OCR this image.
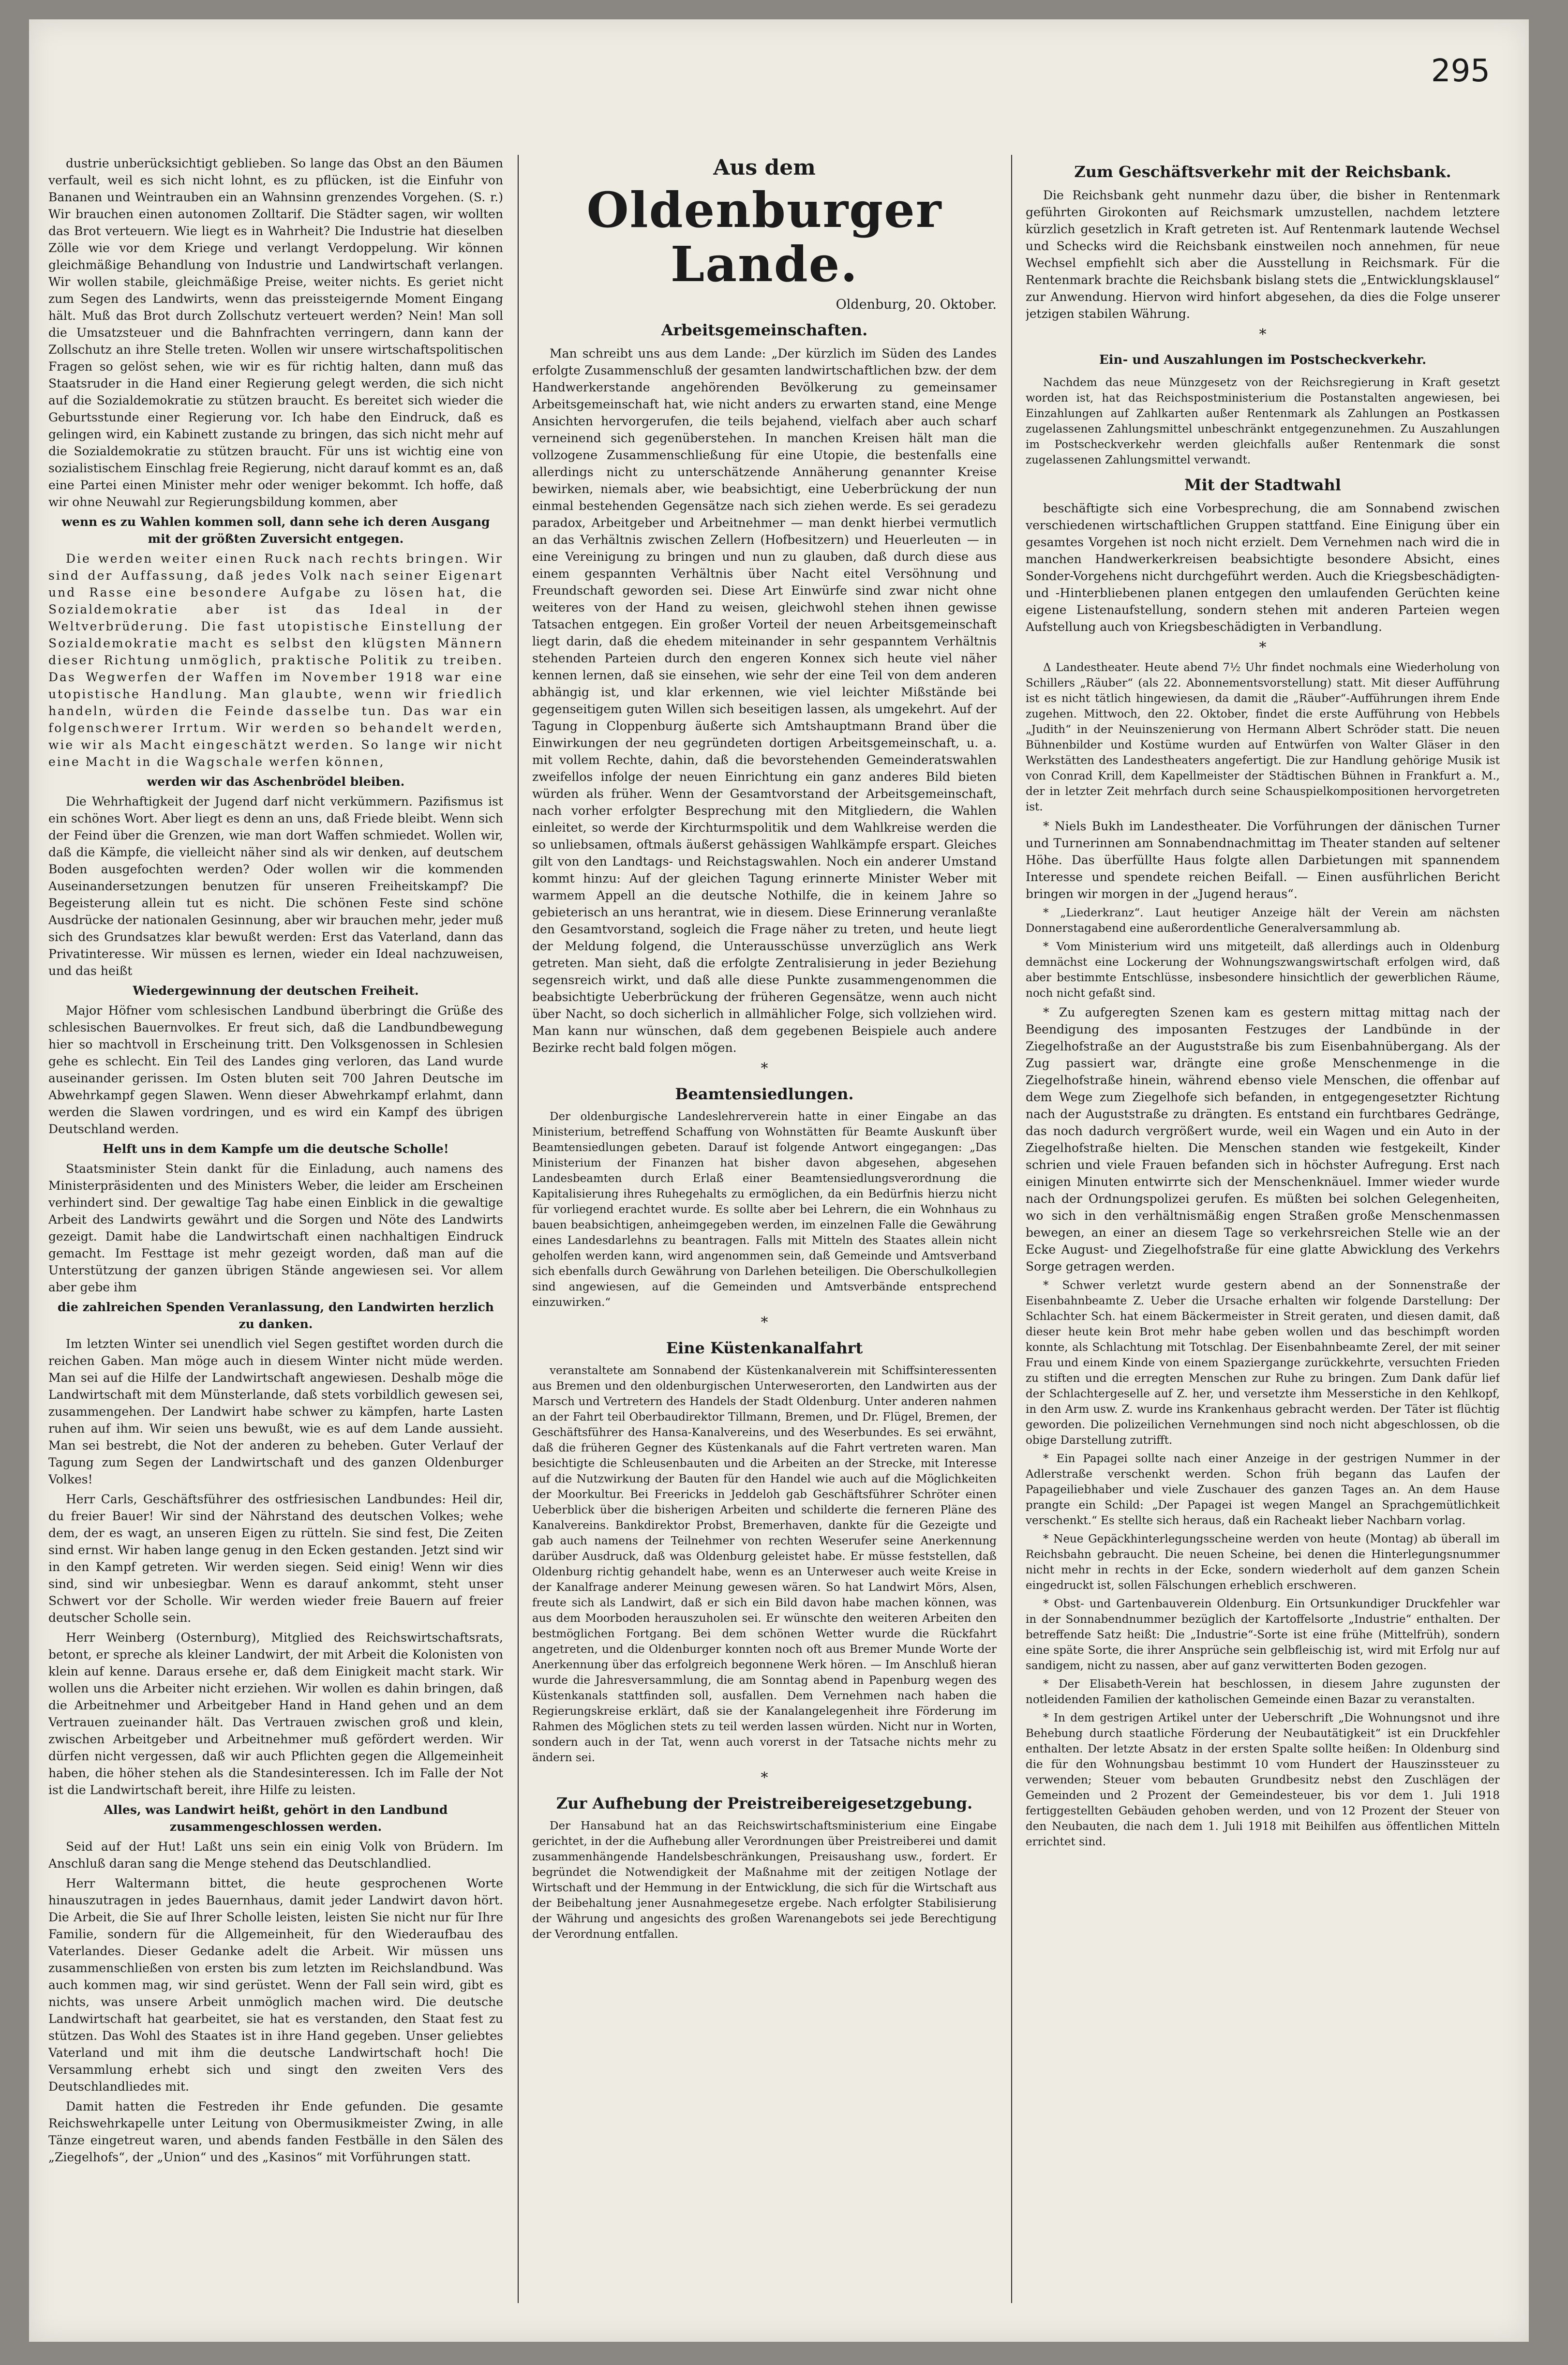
295

dustrie unberücksichtigt geblieben. So lange das Obst an den Bäumen verfault, weil es sich nicht lohnt, es zu pflücken, ist die Einfuhr von Bananen und Weintrauben ein an Wahnsinn grenzendes Vorgehen. (S. r.) Wir brauchen einen autonomen Zolltarif. Die Städter sagen, wir wollten das Brot verteuern. Wie liegt es in Wahrheit? Die Industrie hat dieselben Zölle wie vor dem Kriege und verlangt Verdoppelung. Wir können gleichmäßige Behandlung von Industrie und Landwirtschaft verlangen. Wir wollen stabile, gleichmäßige Preise, weiter nichts. Es geriet nicht zum Segen des Landwirts, wenn das preissteigernde Moment Eingang hält. Muß das Brot durch Zollschutz verteuert werden? Nein! Man soll die Umsatzsteuer und die Bahnfrachten verringern, dann kann der Zollschutz an ihre Stelle treten. Wollen wir unsere wirtschaftspolitischen Fragen so gelöst sehen, wie wir es für richtig halten, dann muß das Staatsruder in die Hand einer Regierung gelegt werden, die sich nicht auf die Sozialdemokratie zu stützen braucht. Es bereitet sich wieder die Geburtsstunde einer Regierung vor. Ich habe den Eindruck, daß es gelingen wird, ein Kabinett zustande zu bringen, das sich nicht mehr auf die Sozialdemokratie zu stützen braucht. Für uns ist wichtig eine von sozialistischem Einschlag freie Regierung, nicht darauf kommt es an, daß eine Partei einen Minister mehr oder weniger bekommt. Ich hoffe, daß wir ohne Neuwahl zur Regierungsbildung kommen, aber

wenn es zu Wahlen kommen soll, dann sehe ich deren Ausgang mit der größten Zuversicht entgegen.

Die werden weiter einen Ruck nach rechts bringen. Wir sind der Auffassung, daß jedes Volk nach seiner Eigenart und Rasse eine besondere Aufgabe zu lösen hat, die Sozialdemokratie aber ist das Ideal in der Weltverbrüderung. Die fast utopistische Einstellung der Sozialdemokratie macht es selbst den klügsten Männern dieser Richtung unmöglich, praktische Politik zu treiben. Das Wegwerfen der Waffen im November 1918 war eine utopistische Handlung. Man glaubte, wenn wir friedlich handeln, würden die Feinde dasselbe tun. Das war ein folgenschwerer Irrtum. Wir werden so behandelt werden, wie wir als Macht eingeschätzt werden. So lange wir nicht eine Macht in die Wagschale werfen können,

werden wir das Aschenbrödel bleiben.

Die Wehrhaftigkeit der Jugend darf nicht verkümmern. Pazifismus ist ein schönes Wort. Aber liegt es denn an uns, daß Friede bleibt. Wenn sich der Feind über die Grenzen, wie man dort Waffen schmiedet. Wollen wir, daß die Kämpfe, die vielleicht näher sind als wir denken, auf deutschem Boden ausgefochten werden? Oder wollen wir die kommenden Auseinandersetzungen benutzen für unseren Freiheitskampf? Die Begeisterung allein tut es nicht. Die schönen Feste sind schöne Ausdrücke der nationalen Gesinnung, aber wir brauchen mehr, jeder muß sich des Grundsatzes klar bewußt werden: Erst das Vaterland, dann das Privatinteresse. Wir müssen es lernen, wieder ein Ideal nachzuweisen, und das heißt

Wiedergewinnung der deutschen Freiheit.

Major Höfner vom schlesischen Landbund überbringt die Grüße des schlesischen Bauernvolkes. Er freut sich, daß die Landbundbewegung hier so machtvoll in Erscheinung tritt. Den Volksgenossen in Schlesien gehe es schlecht. Ein Teil des Landes ging verloren, das Land wurde auseinander gerissen. Im Osten bluten seit 700 Jahren Deutsche im Abwehrkampf gegen Slawen. Wenn dieser Abwehrkampf erlahmt, dann werden die Slawen vordringen, und es wird ein Kampf des übrigen Deutschland werden.

Helft uns in dem Kampfe um die deutsche Scholle!

Staatsminister Stein dankt für die Einladung, auch namens des Ministerpräsidenten und des Ministers Weber, die leider am Erscheinen verhindert sind. Der gewaltige Tag habe einen Einblick in die gewaltige Arbeit des Landwirts gewährt und die Sorgen und Nöte des Landwirts gezeigt. Damit habe die Landwirtschaft einen nachhaltigen Eindruck gemacht. Im Festtage ist mehr gezeigt worden, daß man auf die Unterstützung der ganzen übrigen Stände angewiesen sei. Vor allem aber gebe ihm

die zahlreichen Spenden Veranlassung, den Landwirten herzlich zu danken.

Im letzten Winter sei unendlich viel Segen gestiftet worden durch die reichen Gaben. Man möge auch in diesem Winter nicht müde werden. Man sei auf die Hilfe der Landwirtschaft angewiesen. Deshalb möge die Landwirtschaft mit dem Münsterlande, daß stets vorbildlich gewesen sei, zusammengehen. Der Landwirt habe schwer zu kämpfen, harte Lasten ruhen auf ihm. Wir seien uns bewußt, wie es auf dem Lande aussieht. Man sei bestrebt, die Not der anderen zu beheben. Guter Verlauf der Tagung zum Segen der Landwirtschaft und des ganzen Oldenburger Volkes!

Herr Carls, Geschäftsführer des ostfriesischen Landbundes: Heil dir, du freier Bauer! Wir sind der Nährstand des deutschen Volkes; wehe dem, der es wagt, an unseren Eigen zu rütteln. Sie sind fest, Die Zeiten sind ernst. Wir haben lange genug in den Ecken gestanden. Jetzt sind wir in den Kampf getreten. Wir werden siegen. Seid einig! Wenn wir dies sind, sind wir unbesiegbar. Wenn es darauf ankommt, steht unser Schwert vor der Scholle. Wir werden wieder freie Bauern auf freier deutscher Scholle sein.

Herr Weinberg (Osternburg), Mitglied des Reichswirtschaftsrats, betont, er spreche als kleiner Landwirt, der mit Arbeit die Kolonisten von klein auf kenne. Daraus ersehe er, daß dem Einigkeit macht stark. Wir wollen uns die Arbeiter nicht erziehen. Wir wollen es dahin bringen, daß die Arbeitnehmer und Arbeitgeber Hand in Hand gehen und an dem Vertrauen zueinander hält. Das Vertrauen zwischen groß und klein, zwischen Arbeitgeber und Arbeitnehmer muß gefördert werden. Wir dürfen nicht vergessen, daß wir auch Pflichten gegen die Allgemeinheit haben, die höher stehen als die Standesinteressen. Ich im Falle der Not ist die Landwirtschaft bereit, ihre Hilfe zu leisten.

Alles, was Landwirt heißt, gehört in den Landbund zusammengeschlossen werden.

Seid auf der Hut! Laßt uns sein ein einig Volk von Brüdern. Im Anschluß daran sang die Menge stehend das Deutschlandlied.

Herr Waltermann bittet, die heute gesprochenen Worte hinauszutragen in jedes Bauernhaus, damit jeder Landwirt davon hört. Die Arbeit, die Sie auf Ihrer Scholle leisten, leisten Sie nicht nur für Ihre Familie, sondern für die Allgemeinheit, für den Wiederaufbau des Vaterlandes. Dieser Gedanke adelt die Arbeit. Wir müssen uns zusammenschließen von ersten bis zum letzten im Reichslandbund. Was auch kommen mag, wir sind gerüstet. Wenn der Fall sein wird, gibt es nichts, was unsere Arbeit unmöglich machen wird. Die deutsche Landwirtschaft hat gearbeitet, sie hat es verstanden, den Staat fest zu stützen. Das Wohl des Staates ist in ihre Hand gegeben. Unser geliebtes Vaterland und mit ihm die deutsche Landwirtschaft hoch! Die Versammlung erhebt sich und singt den zweiten Vers des Deutschlandliedes mit.

Damit hatten die Festreden ihr Ende gefunden. Die gesamte Reichswehrkapelle unter Leitung von Obermusikmeister Zwing, in alle Tänze eingetreut waren, und abends fanden Festbälle in den Sälen des „Ziegelhofs“, der „Union“ und des „Kasinos“ mit Vorführungen statt.

Aus dem
Oldenburger Lande.
Oldenburg, 20. Oktober.
Arbeitsgemeinschaften.

Man schreibt uns aus dem Lande: „Der kürzlich im Süden des Landes erfolgte Zusammenschluß der gesamten landwirtschaftlichen bzw. der dem Handwerkerstande angehörenden Bevölkerung zu gemeinsamer Arbeitsgemeinschaft hat, wie nicht anders zu erwarten stand, eine Menge Ansichten hervorgerufen, die teils bejahend, vielfach aber auch scharf verneinend sich gegenüberstehen. In manchen Kreisen hält man die vollzogene Zusammenschließung für eine Utopie, die bestenfalls eine allerdings nicht zu unterschätzende Annäherung genannter Kreise bewirken, niemals aber, wie beabsichtigt, eine Ueberbrückung der nun einmal bestehenden Gegensätze nach sich ziehen werde. Es sei geradezu paradox, Arbeitgeber und Arbeitnehmer — man denkt hierbei vermutlich an das Verhältnis zwischen Zellern (Hofbesitzern) und Heuerleuten — in eine Vereinigung zu bringen und nun zu glauben, daß durch diese aus einem gespannten Verhältnis über Nacht eitel Versöhnung und Freundschaft geworden sei. Diese Art Einwürfe sind zwar nicht ohne weiteres von der Hand zu weisen, gleichwohl stehen ihnen gewisse Tatsachen entgegen. Ein großer Vorteil der neuen Arbeitsgemeinschaft liegt darin, daß die ehedem miteinander in sehr gespanntem Verhältnis stehenden Parteien durch den engeren Konnex sich heute viel näher kennen lernen, daß sie einsehen, wie sehr der eine Teil von dem anderen abhängig ist, und klar erkennen, wie viel leichter Mißstände bei gegenseitigem guten Willen sich beseitigen lassen, als umgekehrt. Auf der Tagung in Cloppenburg äußerte sich Amtshauptmann Brand über die Einwirkungen der neu gegründeten dortigen Arbeitsgemeinschaft, u. a. mit vollem Rechte, dahin, daß die bevorstehenden Gemeinderatswahlen zweifellos infolge der neuen Einrichtung ein ganz anderes Bild bieten würden als früher. Wenn der Gesamtvorstand der Arbeitsgemeinschaft, nach vorher erfolgter Besprechung mit den Mitgliedern, die Wahlen einleitet, so werde der Kirchturmspolitik und dem Wahlkreise werden die so unliebsamen, oftmals äußerst gehässigen Wahlkämpfe erspart. Gleiches gilt von den Landtags- und Reichstagswahlen. Noch ein anderer Umstand kommt hinzu: Auf der gleichen Tagung erinnerte Minister Weber mit warmem Appell an die deutsche Nothilfe, die in keinem Jahre so gebieterisch an uns herantrat, wie in diesem. Diese Erinnerung veranlaßte den Gesamtvorstand, sogleich die Frage näher zu treten, und heute liegt der Meldung folgend, die Unterausschüsse unverzüglich ans Werk getreten. Man sieht, daß die erfolgte Zentralisierung in jeder Beziehung segensreich wirkt, und daß alle diese Punkte zusammengenommen die beabsichtigte Ueberbrückung der früheren Gegensätze, wenn auch nicht über Nacht, so doch sicherlich in allmählicher Folge, sich vollziehen wird. Man kann nur wünschen, daß dem gegebenen Beispiele auch andere Bezirke recht bald folgen mögen.

*
Beamtensiedlungen.

Der oldenburgische Landeslehrerverein hatte in einer Eingabe an das Ministerium, betreffend Schaffung von Wohnstätten für Beamte Auskunft über Beamtensiedlungen gebeten. Darauf ist folgende Antwort eingegangen: „Das Ministerium der Finanzen hat bisher davon abgesehen, abgesehen Landesbeamten durch Erlaß einer Beamtensiedlungsverordnung die Kapitalisierung ihres Ruhegehalts zu ermöglichen, da ein Bedürfnis hierzu nicht für vorliegend erachtet wurde. Es sollte aber bei Lehrern, die ein Wohnhaus zu bauen beabsichtigen, anheimgegeben werden, im einzelnen Falle die Gewährung eines Landesdarlehns zu beantragen. Falls mit Mitteln des Staates allein nicht geholfen werden kann, wird angenommen sein, daß Gemeinde und Amtsverband sich ebenfalls durch Gewährung von Darlehen beteiligen. Die Oberschulkollegien sind angewiesen, auf die Gemeinden und Amtsverbände entsprechend einzuwirken.“

*
Eine Küstenkanalfahrt

veranstaltete am Sonnabend der Küstenkanalverein mit Schiffsinteressenten aus Bremen und den oldenburgischen Unterweserorten, den Landwirten aus der Marsch und Vertretern des Handels der Stadt Oldenburg. Unter anderen nahmen an der Fahrt teil Oberbaudirektor Tillmann, Bremen, und Dr. Flügel, Bremen, der Geschäftsführer des Hansa-Kanalvereins, und des Weserbundes. Es sei erwähnt, daß die früheren Gegner des Küstenkanals auf die Fahrt vertreten waren. Man besichtigte die Schleusenbauten und die Arbeiten an der Strecke, mit Interesse auf die Nutzwirkung der Bauten für den Handel wie auch auf die Möglichkeiten der Moorkultur. Bei Freericks in Jeddeloh gab Geschäftsführer Schröter einen Ueberblick über die bisherigen Arbeiten und schilderte die ferneren Pläne des Kanalvereins. Bankdirektor Probst, Bremerhaven, dankte für die Gezeigte und gab auch namens der Teilnehmer von rechten Weserufer seine Anerkennung darüber Ausdruck, daß was Oldenburg geleistet habe. Er müsse feststellen, daß Oldenburg richtig gehandelt habe, wenn es an Unterweser auch weite Kreise in der Kanalfrage anderer Meinung gewesen wären. So hat Landwirt Mörs, Alsen, freute sich als Landwirt, daß er sich ein Bild davon habe machen können, was aus dem Moorboden herauszuholen sei. Er wünschte den weiteren Arbeiten den bestmöglichen Fortgang. Bei dem schönen Wetter wurde die Rückfahrt angetreten, und die Oldenburger konnten noch oft aus Bremer Munde Worte der Anerkennung über das erfolgreich begonnene Werk hören. — Im Anschluß hieran wurde die Jahresversammlung, die am Sonntag abend in Papenburg wegen des Küstenkanals stattfinden soll, ausfallen. Dem Vernehmen nach haben die Regierungskreise erklärt, daß sie der Kanalangelegenheit ihre Förderung im Rahmen des Möglichen stets zu teil werden lassen würden. Nicht nur in Worten, sondern auch in der Tat, wenn auch vorerst in der Tatsache nichts mehr zu ändern sei.

*
Zur Aufhebung der Preistreibereigesetzgebung.

Der Hansabund hat an das Reichswirtschaftsministerium eine Eingabe gerichtet, in der die Aufhebung aller Verordnungen über Preistreiberei und damit zusammenhängende Handelsbeschränkungen, Preisaushang usw., fordert. Er begründet die Notwendigkeit der Maßnahme mit der zeitigen Notlage der Wirtschaft und der Hemmung in der Entwicklung, die sich für die Wirtschaft aus der Beibehaltung jener Ausnahmegesetze ergebe. Nach erfolgter Stabilisierung der Währung und angesichts des großen Warenangebots sei jede Berechtigung der Verordnung entfallen.

Zum Geschäftsverkehr mit der Reichsbank.

Die Reichsbank geht nunmehr dazu über, die bisher in Rentenmark geführten Girokonten auf Reichsmark umzustellen, nachdem letztere kürzlich gesetzlich in Kraft getreten ist. Auf Rentenmark lautende Wechsel und Schecks wird die Reichsbank einstweilen noch annehmen, für neue Wechsel empfiehlt sich aber die Ausstellung in Reichsmark. Für die Rentenmark brachte die Reichsbank bislang stets die „Entwicklungsklausel“ zur Anwendung. Hiervon wird hinfort abgesehen, da dies die Folge unserer jetzigen stabilen Währung.

*
Ein- und Auszahlungen im Postscheckverkehr.

Nachdem das neue Münzgesetz von der Reichsregierung in Kraft gesetzt worden ist, hat das Reichspostministerium die Postanstalten angewiesen, bei Einzahlungen auf Zahlkarten außer Rentenmark als Zahlungen an Postkassen zugelassenen Zahlungsmittel unbeschränkt entgegenzunehmen. Zu Auszahlungen im Postscheckverkehr werden gleichfalls außer Rentenmark die sonst zugelassenen Zahlungsmittel verwandt.

Mit der Stadtwahl

beschäftigte sich eine Vorbesprechung, die am Sonnabend zwischen verschiedenen wirtschaftlichen Gruppen stattfand. Eine Einigung über ein gesamtes Vorgehen ist noch nicht erzielt. Dem Vernehmen nach wird die in manchen Handwerkerkreisen beabsichtigte besondere Absicht, eines Sonder-Vorgehens nicht durchgeführt werden. Auch die Kriegsbeschädigten- und -Hinterbliebenen planen entgegen den umlaufenden Gerüchten keine eigene Listenaufstellung, sondern stehen mit anderen Parteien wegen Aufstellung auch von Kriegsbeschädigten in Verbandlung.

*

Δ Landestheater. Heute abend 7½ Uhr findet nochmals eine Wiederholung von Schillers „Räuber“ (als 22. Abonnementsvorstellung) statt. Mit dieser Aufführung ist es nicht tätlich hingewiesen, da damit die „Räuber“-Aufführungen ihrem Ende zugehen. Mittwoch, den 22. Oktober, findet die erste Aufführung von Hebbels „Judith“ in der Neuinszenierung von Hermann Albert Schröder statt. Die neuen Bühnenbilder und Kostüme wurden auf Entwürfen von Walter Gläser in den Werkstätten des Landestheaters angefertigt. Die zur Handlung gehörige Musik ist von Conrad Krill, dem Kapellmeister der Städtischen Bühnen in Frankfurt a. M., der in letzter Zeit mehrfach durch seine Schauspielkompositionen hervorgetreten ist.

* Niels Bukh im Landestheater. Die Vorführungen der dänischen Turner und Turnerinnen am Sonnabendnachmittag im Theater standen auf seltener Höhe. Das überfüllte Haus folgte allen Darbietungen mit spannendem Interesse und spendete reichen Beifall. — Einen ausführlichen Bericht bringen wir morgen in der „Jugend heraus“.

* „Liederkranz“. Laut heutiger Anzeige hält der Verein am nächsten Donnerstagabend eine außerordentliche Generalversammlung ab.

* Vom Ministerium wird uns mitgeteilt, daß allerdings auch in Oldenburg demnächst eine Lockerung der Wohnungszwangswirtschaft erfolgen wird, daß aber bestimmte Entschlüsse, insbesondere hinsichtlich der gewerblichen Räume, noch nicht gefaßt sind.

* Zu aufgeregten Szenen kam es gestern mittag mittag nach der Beendigung des imposanten Festzuges der Landbünde in der Ziegelhofstraße an der Auguststraße bis zum Eisenbahnübergang. Als der Zug passiert war, drängte eine große Menschenmenge in die Ziegelhofstraße hinein, während ebenso viele Menschen, die offenbar auf dem Wege zum Ziegelhofe sich befanden, in entgegengesetzter Richtung nach der Auguststraße zu drängten. Es entstand ein furchtbares Gedränge, das noch dadurch vergrößert wurde, weil ein Wagen und ein Auto in der Ziegelhofstraße hielten. Die Menschen standen wie festgekeilt, Kinder schrien und viele Frauen befanden sich in höchster Aufregung. Erst nach einigen Minuten entwirrte sich der Menschenknäuel. Immer wieder wurde nach der Ordnungspolizei gerufen. Es müßten bei solchen Gelegenheiten, wo sich in den verhältnismäßig engen Straßen große Menschenmassen bewegen, an einer an diesem Tage so verkehrsreichen Stelle wie an der Ecke August- und Ziegelhofstraße für eine glatte Abwicklung des Verkehrs Sorge getragen werden.

* Schwer verletzt wurde gestern abend an der Sonnenstraße der Eisenbahnbeamte Z. Ueber die Ursache erhalten wir folgende Darstellung: Der Schlachter Sch. hat einem Bäckermeister in Streit geraten, und diesen damit, daß dieser heute kein Brot mehr habe geben wollen und das beschimpft worden konnte, als Schlachtung mit Totschlag. Der Eisenbahnbeamte Zerel, der mit seiner Frau und einem Kinde von einem Spaziergange zurückkehrte, versuchten Frieden zu stiften und die erregten Menschen zur Ruhe zu bringen. Zum Dank dafür lief der Schlachtergeselle auf Z. her, und versetzte ihm Messerstiche in den Kehlkopf, in den Arm usw. Z. wurde ins Krankenhaus gebracht werden. Der Täter ist flüchtig geworden. Die polizeilichen Vernehmungen sind noch nicht abgeschlossen, ob die obige Darstellung zutrifft.

* Ein Papagei sollte nach einer Anzeige in der gestrigen Nummer in der Adlerstraße verschenkt werden. Schon früh begann das Laufen der Papageiliebhaber und viele Zuschauer des ganzen Tages an. An dem Hause prangte ein Schild: „Der Papagei ist wegen Mangel an Sprachgemütlichkeit verschenkt.“ Es stellte sich heraus, daß ein Racheakt lieber Nachbarn vorlag.

* Neue Gepäckhinterlegungsscheine werden von heute (Montag) ab überall im Reichsbahn gebraucht. Die neuen Scheine, bei denen die Hinterlegungsnummer nicht mehr in rechts in der Ecke, sondern wiederholt auf dem ganzen Schein eingedruckt ist, sollen Fälschungen erheblich erschweren.

* Obst- und Gartenbauverein Oldenburg. Ein Ortsunkundiger Druckfehler war in der Sonnabendnummer bezüglich der Kartoffelsorte „Industrie“ enthalten. Der betreffende Satz heißt: Die „Industrie“-Sorte ist eine frühe (Mittelfrüh), sondern eine späte Sorte, die ihrer Ansprüche sein gelbfleischig ist, wird mit Erfolg nur auf sandigem, nicht zu nassen, aber auf ganz verwitterten Boden gezogen.

* Der Elisabeth-Verein hat beschlossen, in diesem Jahre zugunsten der notleidenden Familien der katholischen Gemeinde einen Bazar zu veranstalten.

* In dem gestrigen Artikel unter der Ueberschrift „Die Wohnungsnot und ihre Behebung durch staatliche Förderung der Neubautätigkeit“ ist ein Druckfehler enthalten. Der letzte Absatz in der ersten Spalte sollte heißen: In Oldenburg sind die für den Wohnungsbau bestimmt 10 vom Hundert der Hauszinssteuer zu verwenden; Steuer vom bebauten Grundbesitz nebst den Zuschlägen der Gemeinden und 2 Prozent der Gemeindesteuer, bis vor dem 1. Juli 1918 fertiggestellten Gebäuden gehoben werden, und von 12 Prozent der Steuer von den Neubauten, die nach dem 1. Juli 1918 mit Beihilfen aus öffentlichen Mitteln errichtet sind.
